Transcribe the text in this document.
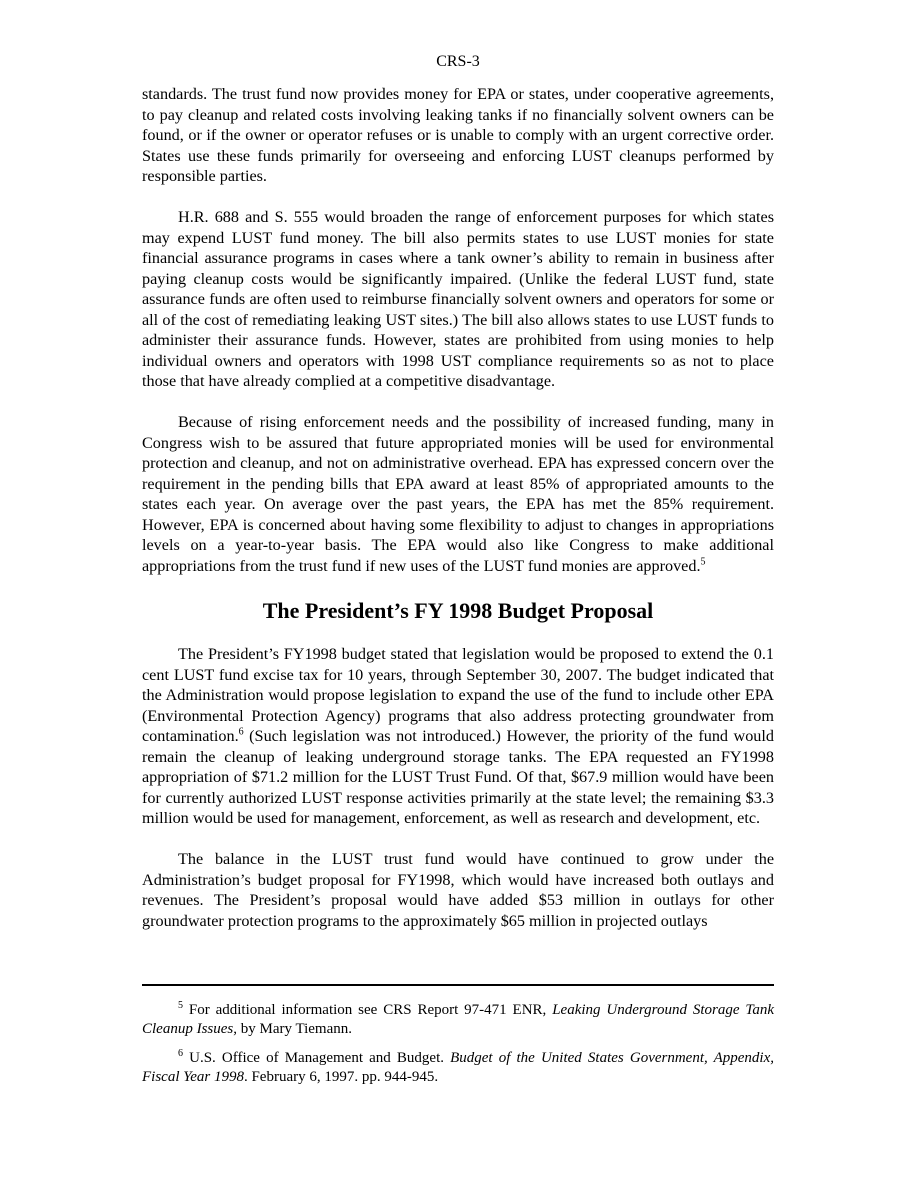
CRS-3

standards. The trust fund now provides money for EPA or states, under cooperative agreements, to pay cleanup and related costs involving leaking tanks if no financially solvent owners can be found, or if the owner or operator refuses or is unable to comply with an urgent corrective order. States use these funds primarily for overseeing and enforcing LUST cleanups performed by responsible parties.

H.R. 688 and S. 555 would broaden the range of enforcement purposes for which states may expend LUST fund money. The bill also permits states to use LUST monies for state financial assurance programs in cases where a tank owner’s ability to remain in business after paying cleanup costs would be significantly impaired. (Unlike the federal LUST fund, state assurance funds are often used to reimburse financially solvent owners and operators for some or all of the cost of remediating leaking UST sites.) The bill also allows states to use LUST funds to administer their assurance funds. However, states are prohibited from using monies to help individual owners and operators with 1998 UST compliance requirements so as not to place those that have already complied at a competitive disadvantage.

Because of rising enforcement needs and the possibility of increased funding, many in Congress wish to be assured that future appropriated monies will be used for environmental protection and cleanup, and not on administrative overhead. EPA has expressed concern over the requirement in the pending bills that EPA award at least 85% of appropriated amounts to the states each year. On average over the past years, the EPA has met the 85% requirement. However, EPA is concerned about having some flexibility to adjust to changes in appropriations levels on a year-to-year basis. The EPA would also like Congress to make additional appropriations from the trust fund if new uses of the LUST fund monies are approved.$^5$

The President’s FY 1998 Budget Proposal

The President’s FY1998 budget stated that legislation would be proposed to extend the 0.1 cent LUST fund excise tax for 10 years, through September 30, 2007. The budget indicated that the Administration would propose legislation to expand the use of the fund to include other EPA (Environmental Protection Agency) programs that also address protecting groundwater from contamination.$^6$ (Such legislation was not introduced.) However, the priority of the fund would remain the cleanup of leaking underground storage tanks. The EPA requested an FY1998 appropriation of $71.2 million for the LUST Trust Fund. Of that, $67.9 million would have been for currently authorized LUST response activities primarily at the state level; the remaining $3.3 million would be used for management, enforcement, as well as research and development, etc.

The balance in the LUST trust fund would have continued to grow under the Administration’s budget proposal for FY1998, which would have increased both outlays and revenues. The President’s proposal would have added $53 million in outlays for other groundwater protection programs to the approximately $65 million in projected outlays

$^5$ For additional information see CRS Report 97-471 ENR, Leaking Underground Storage Tank Cleanup Issues, by Mary Tiemann.

$^6$ U.S. Office of Management and Budget. Budget of the United States Government, Appendix, Fiscal Year 1998. February 6, 1997. pp. 944-945.
